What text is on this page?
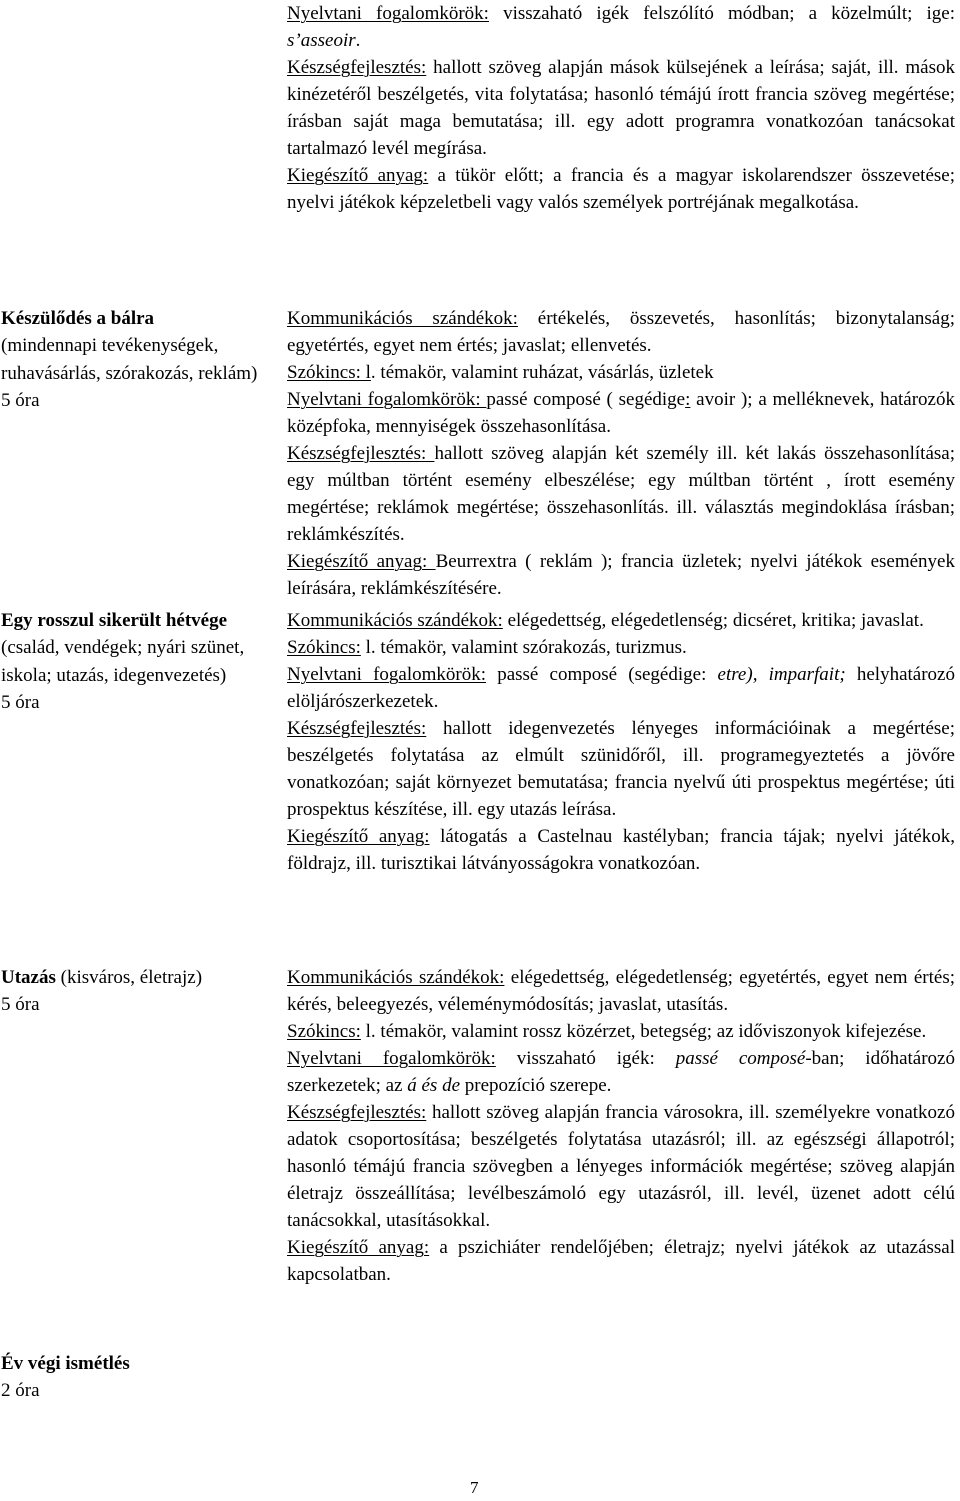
Nyelvtani fogalomkörök: visszaható igék felszólító módban; a közelmúlt; ige: s’asseoir.
Készségfejlesztés: hallott szöveg alapján mások külsejének a leírása; saját, ill. mások kinézetéről beszélgetés, vita folytatása; hasonló témájú írott francia szöveg megértése; írásban saját maga bemutatása; ill. egy adott programra vonatkozóan tanácsokat tartalmazó levél megírása.
Kiegészítő anyag: a tükör előtt; a francia és a magyar iskolarendszer összevetése; nyelvi játékok képzeletbeli vagy valós személyek portréjának megalkotása.
Készülődés a bálra
(mindennapi tevékenységek, ruhavásárlás, szórakozás, reklám)
5 óra
Egy rosszul sikerült hétvége (család, vendégek; nyári szünet, iskola; utazás, idegenvezetés)
5 óra
Utazás (kisváros, életrajz)
5 óra
Év végi ismétlés
2 óra
Kommunikációs szándékok: értékelés, összevetés, hasonlítás; bizonytalanság; egyetértés, egyet nem értés; javaslat; ellenvetés.
Szókincs: l. témakör, valamint ruházat, vásárlás, üzletek
Nyelvtani fogalomkörök: passé composé ( segédige: avoir ); a melléknevek, határozók középfoka, mennyiségek összehasonlítása.
Készségfejlesztés: hallott szöveg alapján két személy ill. két lakás összehasonlítása; egy múltban történt esemény elbeszélése; egy múltban történt , írott esemény megértése; reklámok megértése; összehasonlítás. ill. választás megindoklása írásban; reklámkészítés.
Kiegészítő anyag: Beurrextra ( reklám ); francia üzletek; nyelvi játékok események leírására, reklámkészítésére.
Kommunikációs szándékok: elégedettség, elégedetlenség; dicséret, kritika; javaslat.
Szókincs: l. témakör, valamint szórakozás, turizmus.
Nyelvtani fogalomkörök: passé composé (segédige: etre), imparfait; helyhatározó elöljárószerkezetek.
Készségfejlesztés: hallott idegenvezetés lényeges információinak a megértése; beszélgetés folytatása az elmúlt szünidőről, ill. programegyeztetés a jövőre vonatkozóan; saját környezet bemutatása; francia nyelvű úti prospektus megértése; úti prospektus készítése, ill. egy utazás leírása.
Kiegészítő anyag: látogatás a Castelnau kastélyban; francia tájak; nyelvi játékok, földrajz, ill. turisztikai látványosságokra vonatkozóan.
Kommunikációs szándékok: elégedettség, elégedetlenség; egyetértés, egyet nem értés; kérés, beleegyezés, véleménymódosítás; javaslat, utasítás.
Szókincs: l. témakör, valamint rossz közérzet, betegség; az időviszonyok kifejezése.
Nyelvtani fogalomkörök: visszaható igék: passé composé-ban; időhatározó szerkezetek; az á és de prepozíció szerepe.
Készségfejlesztés: hallott szöveg alapján francia városokra, ill. személyekre vonatkozó adatok csoportosítása; beszélgetés folytatása utazásról; ill. az egészségi állapotról; hasonló témájú francia szövegben a lényeges információk megértése; szöveg alapján életrajz összeállítása; levélbeszámoló egy utazásról, ill. levél, üzenet adott célú tanácsokkal, utasításokkal.
Kiegészítő anyag: a pszichiáter rendelőjében; életrajz; nyelvi játékok az utazással kapcsolatban.
7
